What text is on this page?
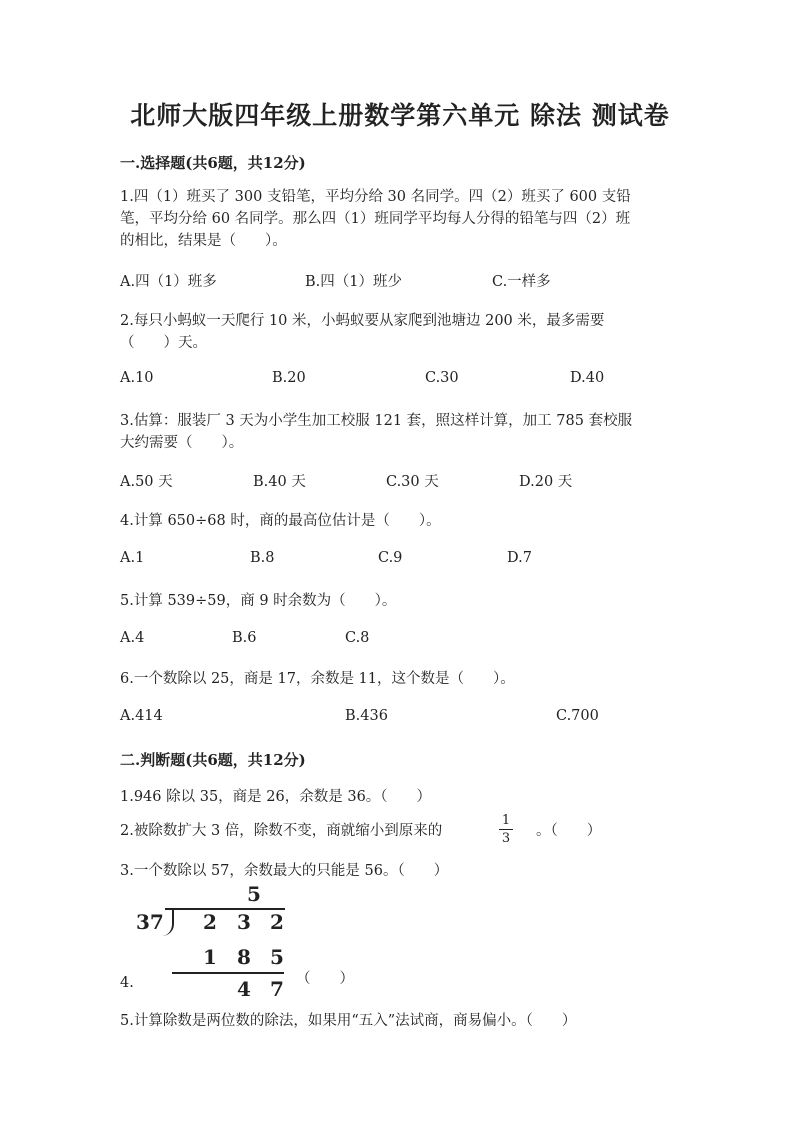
北师大版四年级上册数学第六单元 除法 测试卷
一.选择题(共6题，共12分)
1.四（1）班买了 300 支铅笔，平均分给 30 名同学。四（2）班买了 600 支铅
笔，平均分给 60 名同学。那么四（1）班同学平均每人分得的铅笔与四（2）班
的相比，结果是（　　）。
A.四（1）班多	B.四（1）班少	C.一样多
2.每只小蚂蚁一天爬行 10 米，小蚂蚁要从家爬到池塘边 200 米，最多需要
（　　）天。
A.10	B.20	C.30	D.40
3.估算：服装厂 3 天为小学生加工校服 121 套，照这样计算，加工 785 套校服
大约需要（　　）。
A.50 天	B.40 天	C.30 天	D.20 天
4.计算 650÷68 时，商的最高位估计是（　　）。
A.1	B.8	C.9	D.7
5.计算 539÷59，商 9 时余数为（　　）。
A.4	B.6	C.8
6.一个数除以 25，商是 17，余数是 11，这个数是（　　）。
A.414	B.436	C.700
二.判断题(共6题，共12分)
1.946 除以 35，商是 26，余数是 36。（　　）
2.被除数扩大 3 倍，除数不变，商就缩小到原来的
1
3 。（　　）
3.一个数除以 57，余数最大的只能是 56。（　　）
5
37 2 3 2
1 8 5
4 7
4.	（　　）
5.计算除数是两位数的除法，如果用“五入”法试商，商易偏小。（　　）
